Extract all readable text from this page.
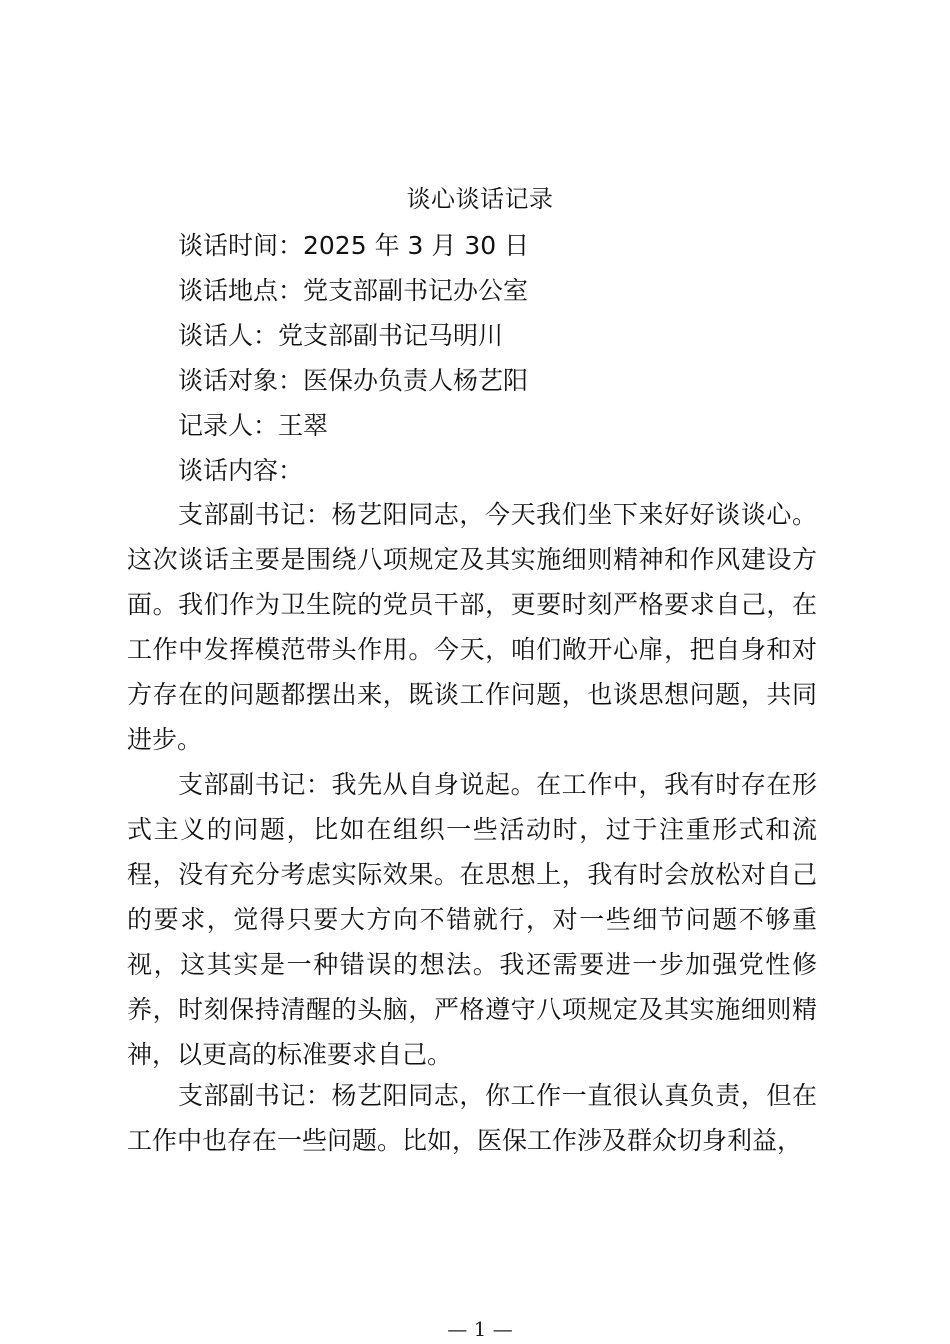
谈心谈话记录
谈话时间：2025 年 3 月 30 日
谈话地点：党支部副书记办公室
谈话人：党支部副书记马明川
谈话对象：医保办负责人杨艺阳
记录人：王翠
谈话内容：

支部副书记：杨艺阳同志，今天我们坐下来好好谈谈心。这次谈话主要是围绕八项规定及其实施细则精神和作风建设方面。我们作为卫生院的党员干部，更要时刻严格要求自己，在工作中发挥模范带头作用。今天，咱们敞开心扉，把自身和对方存在的问题都摆出来，既谈工作问题，也谈思想问题，共同进步。

支部副书记：我先从自身说起。在工作中，我有时存在形式主义的问题，比如在组织一些活动时，过于注重形式和流程，没有充分考虑实际效果。在思想上，我有时会放松对自己的要求，觉得只要大方向不错就行，对一些细节问题不够重视，这其实是一种错误的想法。我还需要进一步加强党性修养，时刻保持清醒的头脑，严格遵守八项规定及其实施细则精神，以更高的标准要求自己。

支部副书记：杨艺阳同志，你工作一直很认真负责，但在工作中也存在一些问题。比如，医保工作涉及群众切身利益，

— 1 —
